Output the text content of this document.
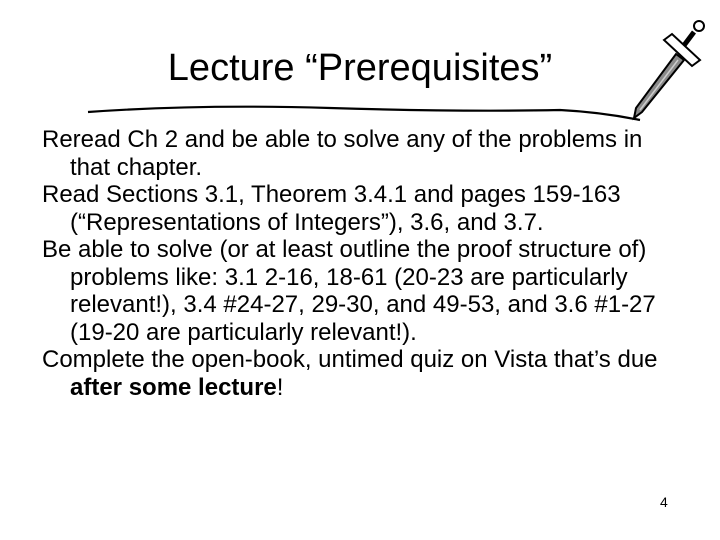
Lecture “Prerequisites”
Reread Ch 2 and be able to solve any of the problems in that chapter.
Read Sections 3.1, Theorem 3.4.1 and pages 159-163 (“Representations of Integers”), 3.6, and 3.7.
Be able to solve (or at least outline the proof structure of) problems like: 3.1 2-16, 18-61 (20-23 are particularly relevant!), 3.4 #24-27, 29-30, and 49-53, and 3.6 #1-27 (19-20 are particularly relevant!).
Complete the open-book, untimed quiz on Vista that’s due after some lecture!
4
